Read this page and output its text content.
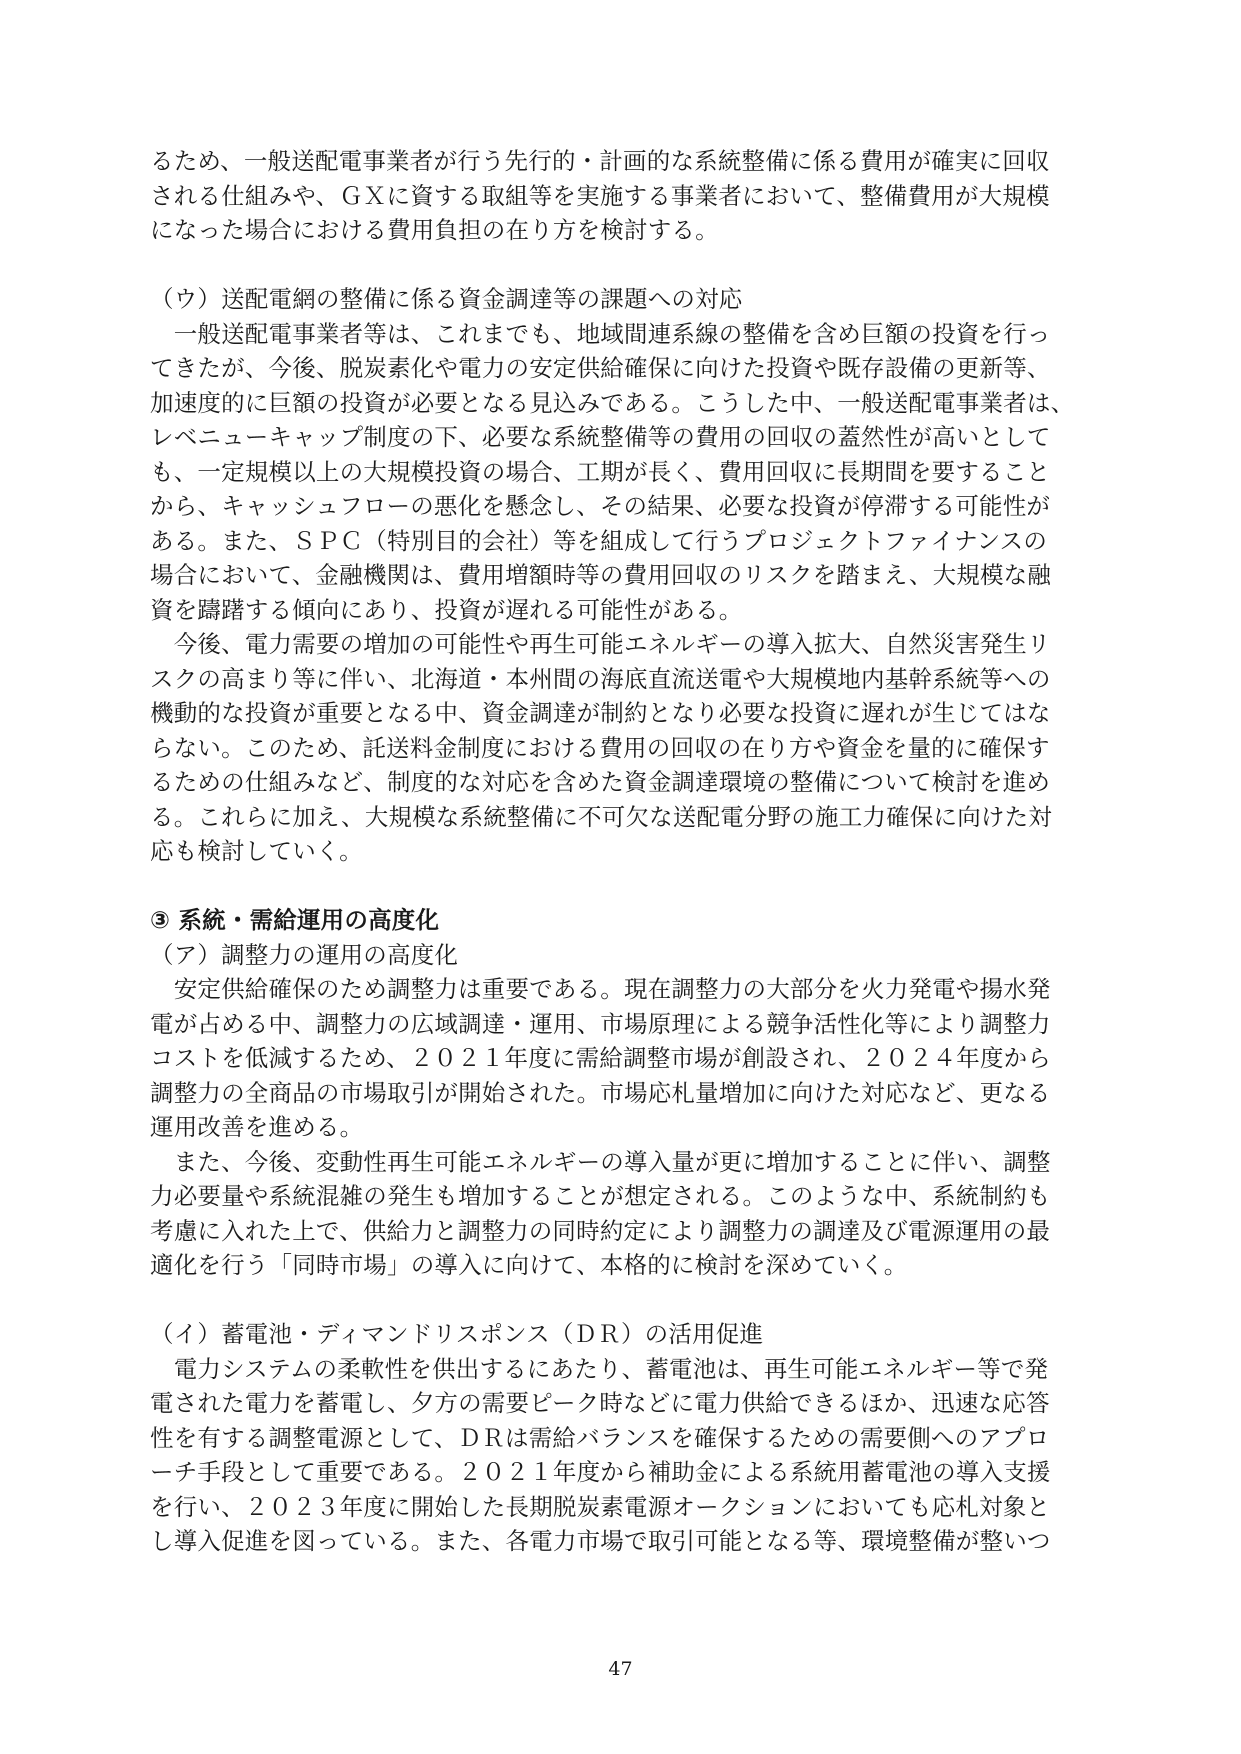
るため、一般送配電事業者が行う先行的・計画的な系統整備に係る費用が確実に回収
される仕組みや、ＧＸに資する取組等を実施する事業者において、整備費用が大規模
になった場合における費用負担の在り方を検討する。
（ウ）送配電網の整備に係る資金調達等の課題への対応
　一般送配電事業者等は、これまでも、地域間連系線の整備を含め巨額の投資を行っ
てきたが、今後、脱炭素化や電力の安定供給確保に向けた投資や既存設備の更新等、
加速度的に巨額の投資が必要となる見込みである。こうした中、一般送配電事業者は、
レベニューキャップ制度の下、必要な系統整備等の費用の回収の蓋然性が高いとして
も、一定規模以上の大規模投資の場合、工期が長く、費用回収に長期間を要すること
から、キャッシュフローの悪化を懸念し、その結果、必要な投資が停滞する可能性が
ある。また、ＳＰＣ（特別目的会社）等を組成して行うプロジェクトファイナンスの
場合において、金融機関は、費用増額時等の費用回収のリスクを踏まえ、大規模な融
資を躊躇する傾向にあり、投資が遅れる可能性がある。
　今後、電力需要の増加の可能性や再生可能エネルギーの導入拡大、自然災害発生リ
スクの高まり等に伴い、北海道・本州間の海底直流送電や大規模地内基幹系統等への
機動的な投資が重要となる中、資金調達が制約となり必要な投資に遅れが生じてはな
らない。このため、託送料金制度における費用の回収の在り方や資金を量的に確保す
るための仕組みなど、制度的な対応を含めた資金調達環境の整備について検討を進め
る。これらに加え、大規模な系統整備に不可欠な送配電分野の施工力確保に向けた対
応も検討していく。
③ 系統・需給運用の高度化
（ア）調整力の運用の高度化
　安定供給確保のため調整力は重要である。現在調整力の大部分を火力発電や揚水発
電が占める中、調整力の広域調達・運用、市場原理による競争活性化等により調整力
コストを低減するため、２０２１年度に需給調整市場が創設され、２０２４年度から
調整力の全商品の市場取引が開始された。市場応札量増加に向けた対応など、更なる
運用改善を進める。
　また、今後、変動性再生可能エネルギーの導入量が更に増加することに伴い、調整
力必要量や系統混雑の発生も増加することが想定される。このような中、系統制約も
考慮に入れた上で、供給力と調整力の同時約定により調整力の調達及び電源運用の最
適化を行う「同時市場」の導入に向けて、本格的に検討を深めていく。
（イ）蓄電池・ディマンドリスポンス（ＤＲ）の活用促進
　電力システムの柔軟性を供出するにあたり、蓄電池は、再生可能エネルギー等で発
電された電力を蓄電し、夕方の需要ピーク時などに電力供給できるほか、迅速な応答
性を有する調整電源として、ＤＲは需給バランスを確保するための需要側へのアプロ
ーチ手段として重要である。２０２１年度から補助金による系統用蓄電池の導入支援
を行い、２０２３年度に開始した長期脱炭素電源オークションにおいても応札対象と
し導入促進を図っている。また、各電力市場で取引可能となる等、環境整備が整いつ
47
